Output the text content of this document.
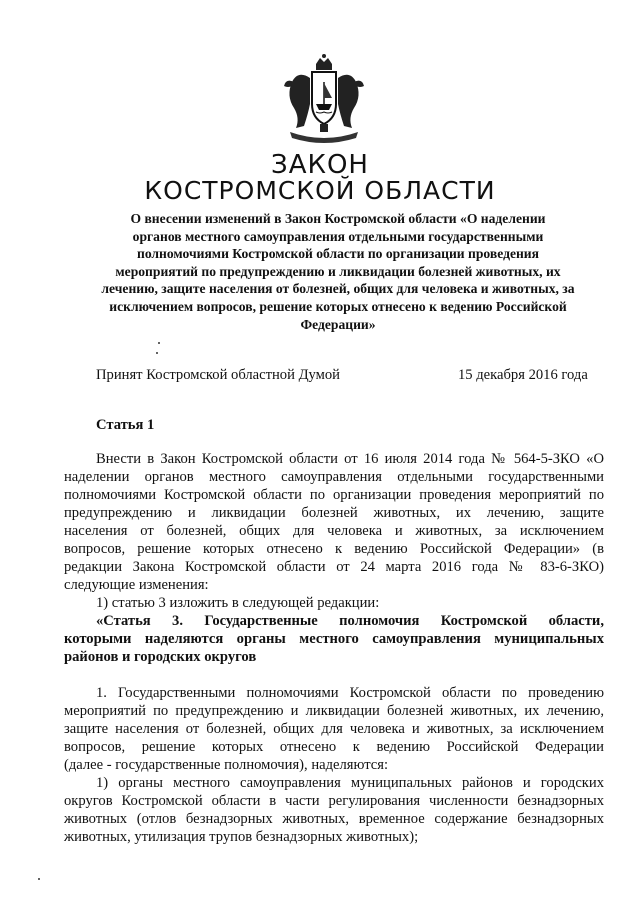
ЗАКОН
КОСТРОМСКОЙ ОБЛАСТИ
О внесении изменений в Закон Костромской области «О наделении
органов местного самоуправления отдельными государственными
полномочиями Костромской области по организации проведения
мероприятий по предупреждению и ликвидации болезней животных, их
лечению, защите населения от болезней, общих для человека и животных, за
исключением вопросов, решение которых отнесено к ведению Российской
Федерации»
Принят Костромской областной Думой	15 декабря 2016 года
Статья 1
Внести в Закон Костромской области от 16 июля 2014 года № 564-5-ЗКО «О
наделении органов местного самоуправления отдельными государственными
полномочиями Костромской области по организации проведения мероприятий по
предупреждению и ликвидации болезней животных, их лечению, защите
населения от болезней, общих для человека и животных, за исключением
вопросов, решение которых отнесено к ведению Российской Федерации» (в
редакции Закона Костромской области от 24 марта 2016 года № 83-6-ЗКО)
следующие изменения:
1) статью 3 изложить в следующей редакции:
«Статья 3. Государственные полномочия Костромской области,
которыми наделяются органы местного самоуправления муниципальных
районов и городских округов
1. Государственными полномочиями Костромской области по проведению
мероприятий по предупреждению и ликвидации болезней животных, их лечению,
защите населения от болезней, общих для человека и животных, за исключением
вопросов, решение которых отнесено к ведению Российской Федерации
(далее - государственные полномочия), наделяются:
1) органы местного самоуправления муниципальных районов и городских
округов Костромской области в части регулирования численности безнадзорных
животных (отлов безнадзорных животных, временное содержание безнадзорных
животных, утилизация трупов безнадзорных животных);
